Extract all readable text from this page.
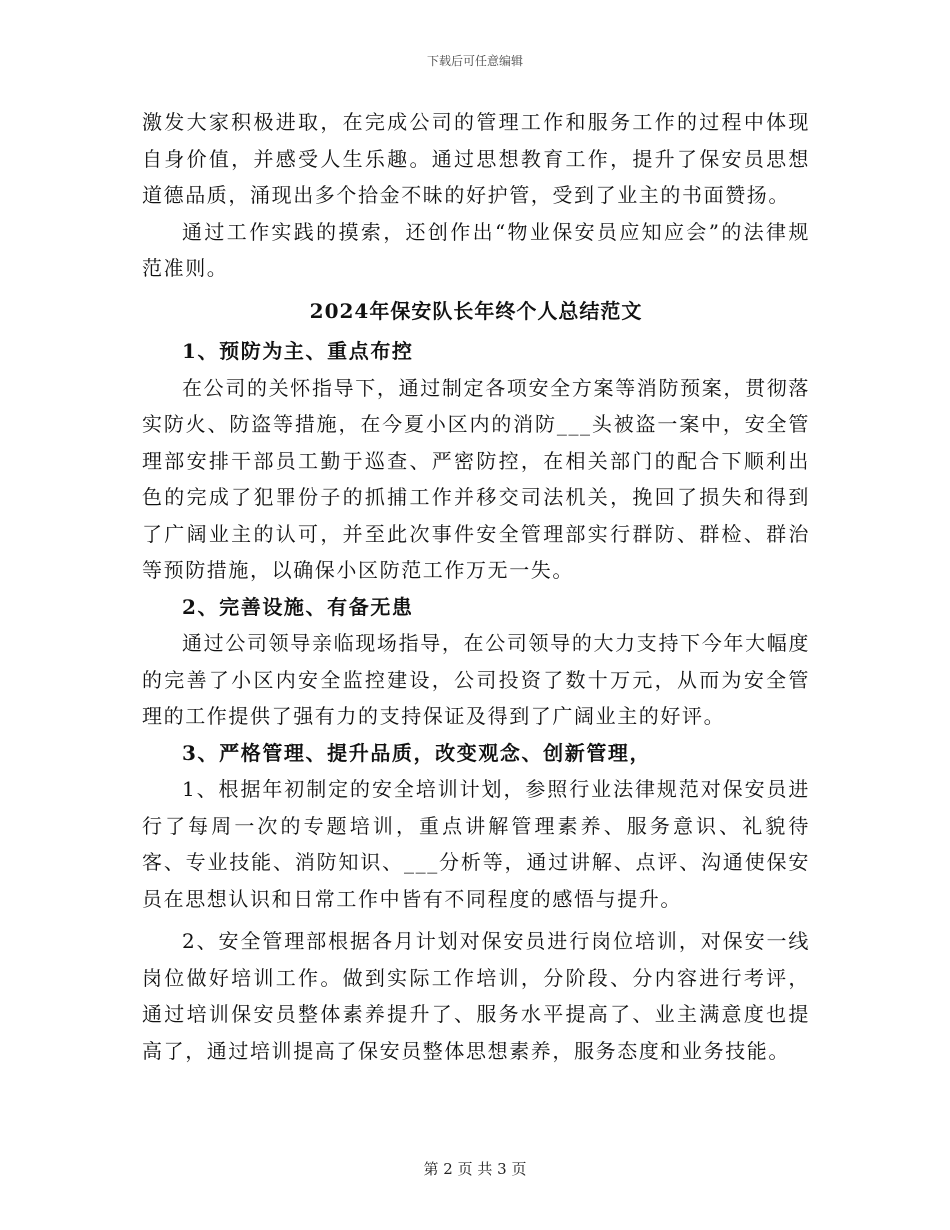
下载后可任意编辑

激发大家积极进取，在完成公司的管理工作和服务工作的过程中体现自身价值，并感受人生乐趣。通过思想教育工作，提升了保安员思想道德品质，涌现出多个拾金不昧的好护管，受到了业主的书面赞扬。

通过工作实践的摸索，还创作出“物业保安员应知应会”的法律规范准则。

2024年保安队长年终个人总结范文
1、预防为主、重点布控

在公司的关怀指导下，通过制定各项安全方案等消防预案，贯彻落实防火、防盗等措施，在今夏小区内的消防___头被盗一案中，安全管理部安排干部员工勤于巡查、严密防控，在相关部门的配合下顺利出色的完成了犯罪份子的抓捕工作并移交司法机关，挽回了损失和得到了广阔业主的认可，并至此次事件安全管理部实行群防、群检、群治等预防措施，以确保小区防范工作万无一失。

2、完善设施、有备无患

通过公司领导亲临现场指导，在公司领导的大力支持下今年大幅度的完善了小区内安全监控建设，公司投资了数十万元，从而为安全管理的工作提供了强有力的支持保证及得到了广阔业主的好评。

3、严格管理、提升品质，改变观念、创新管理，

1、根据年初制定的安全培训计划，参照行业法律规范对保安员进行了每周一次的专题培训，重点讲解管理素养、服务意识、礼貌待客、专业技能、消防知识、___分析等，通过讲解、点评、沟通使保安员在思想认识和日常工作中皆有不同程度的感悟与提升。

2、安全管理部根据各月计划对保安员进行岗位培训，对保安一线岗位做好培训工作。做到实际工作培训，分阶段、分内容进行考评，通过培训保安员整体素养提升了、服务水平提高了、业主满意度也提高了，通过培训提高了保安员整体思想素养，服务态度和业务技能。

第 2 页 共 3 页
